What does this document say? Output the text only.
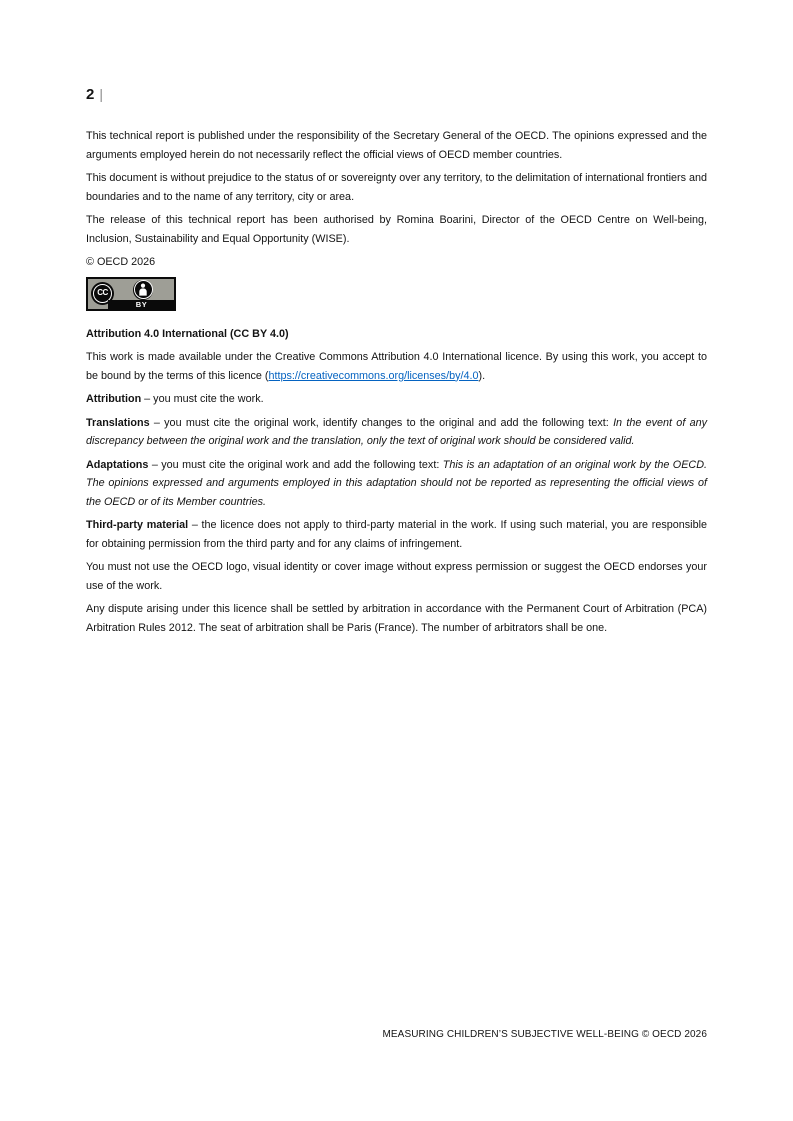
2 |

This technical report is published under the responsibility of the Secretary General of the OECD. The opinions expressed and the arguments employed herein do not necessarily reflect the official views of OECD member countries.

This document is without prejudice to the status of or sovereignty over any territory, to the delimitation of international frontiers and boundaries and to the name of any territory, city or area.

The release of this technical report has been authorised by Romina Boarini, Director of the OECD Centre on Well-being, Inclusion, Sustainability and Equal Opportunity (WISE).

© OECD 2026

CC
BY

Attribution 4.0 International (CC BY 4.0)

This work is made available under the Creative Commons Attribution 4.0 International licence. By using this work, you accept to be bound by the terms of this licence (https://creativecommons.org/licenses/by/4.0).

Attribution – you must cite the work.

Translations – you must cite the original work, identify changes to the original and add the following text: In the event of any discrepancy between the original work and the translation, only the text of original work should be considered valid.

Adaptations – you must cite the original work and add the following text: This is an adaptation of an original work by the OECD. The opinions expressed and arguments employed in this adaptation should not be reported as representing the official views of the OECD or of its Member countries.

Third-party material – the licence does not apply to third-party material in the work. If using such material, you are responsible for obtaining permission from the third party and for any claims of infringement.

You must not use the OECD logo, visual identity or cover image without express permission or suggest the OECD endorses your use of the work.

Any dispute arising under this licence shall be settled by arbitration in accordance with the Permanent Court of Arbitration (PCA) Arbitration Rules 2012. The seat of arbitration shall be Paris (France). The number of arbitrators shall be one.

MEASURING CHILDREN’S SUBJECTIVE WELL-BEING © OECD 2026
